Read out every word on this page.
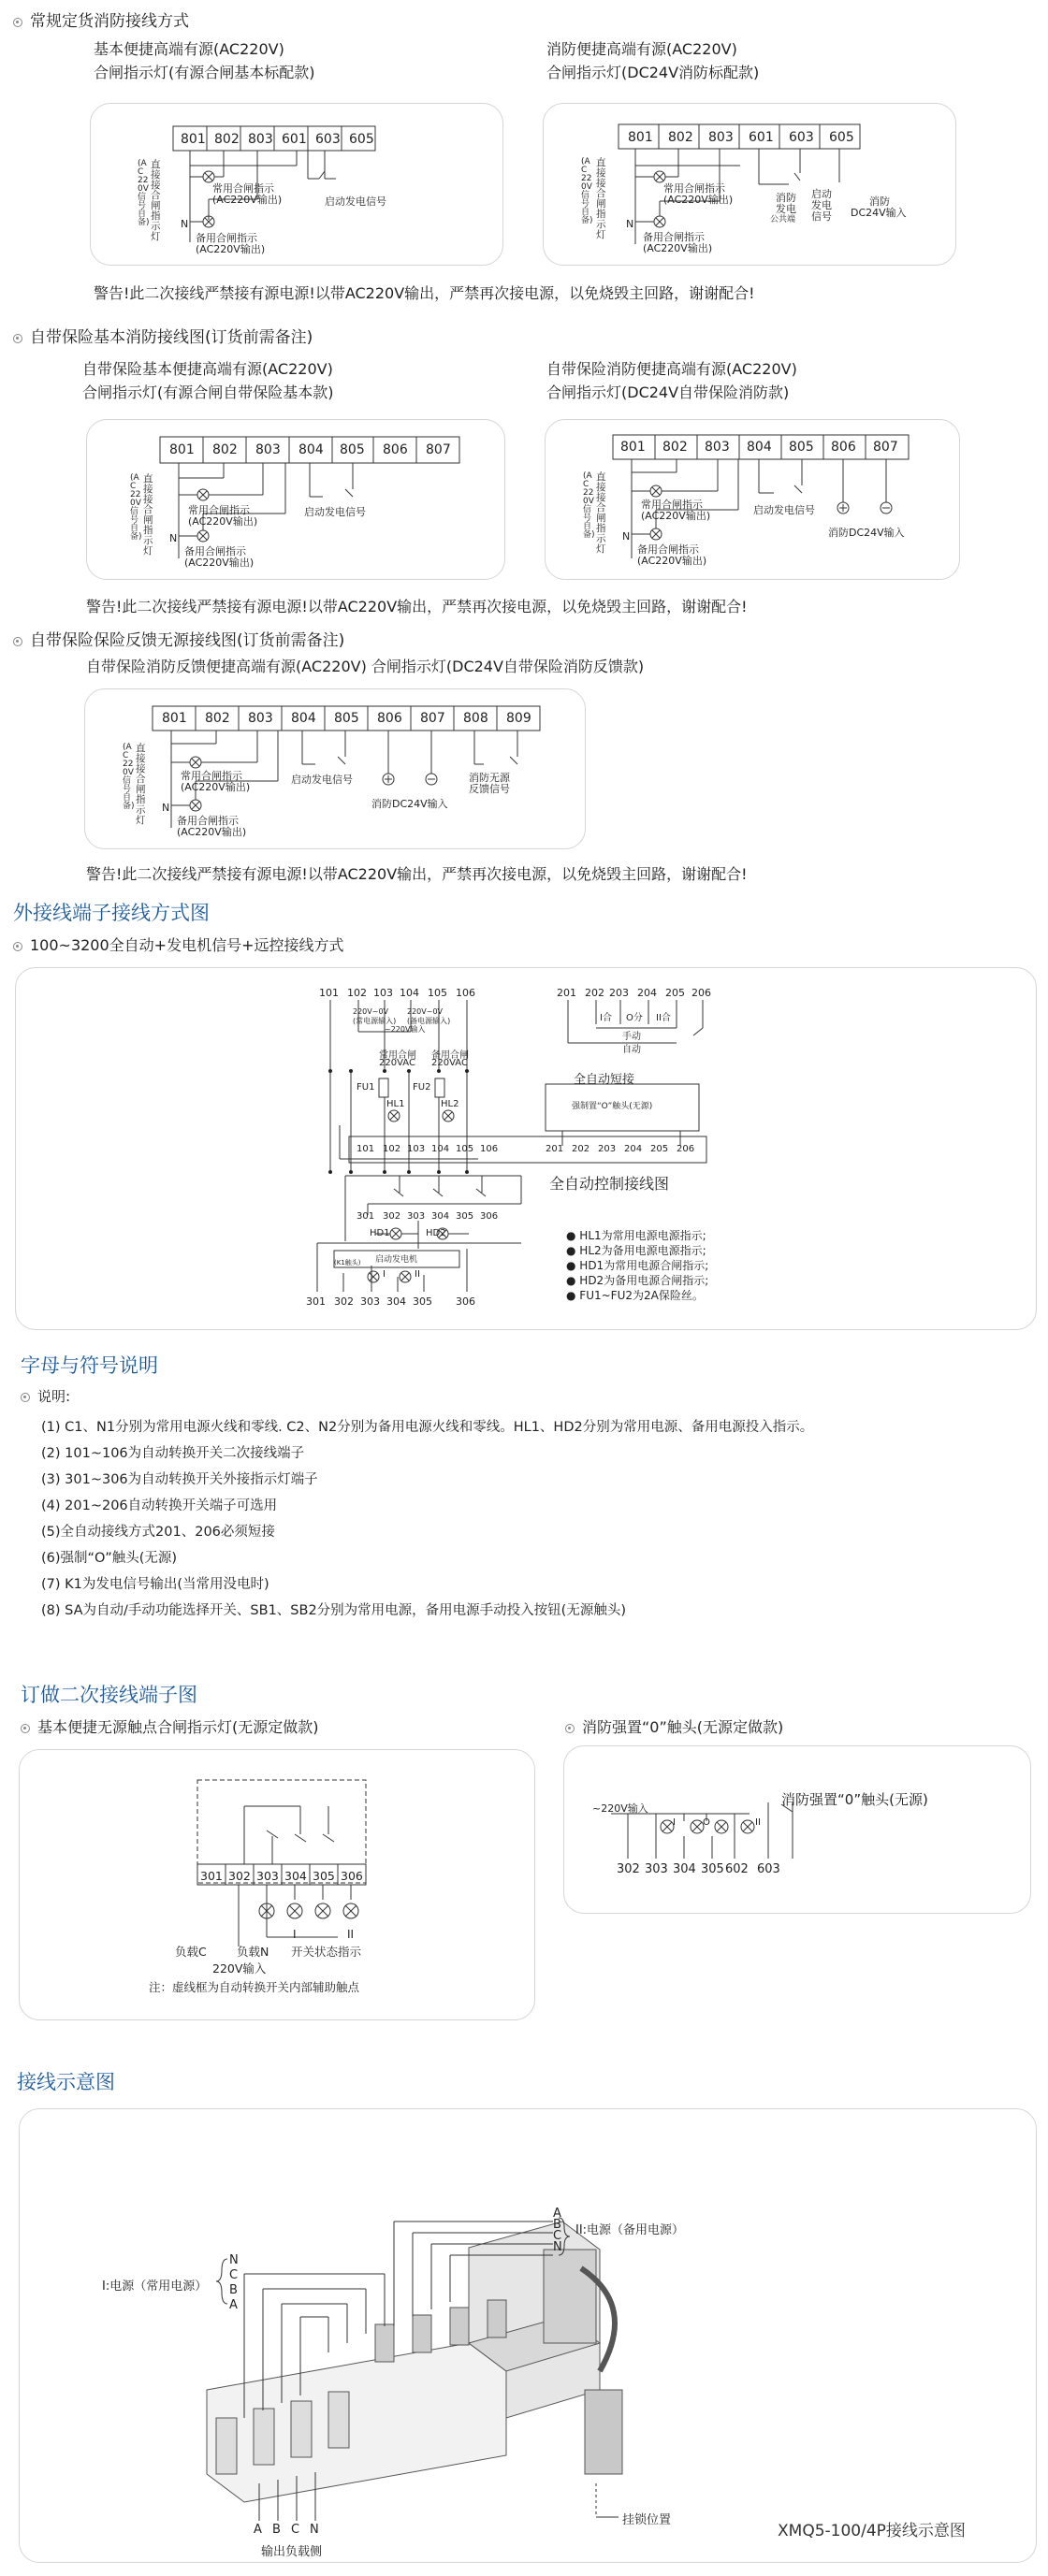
常规定货消防接线方式
基本便捷高端有源(AC220V)
合闸指示灯(有源合闸基本标配款)
消防便捷高端有源(AC220V)
合闸指示灯(DC24V消防标配款)
801 802 803 601 603 605
(AC220V信号自备)
直接接合闸指示灯
常用合闸指示
(AC220V输出)
N
备用合闸指示
(AC220V输出)
启动发电信号
801 802 803 601 603 605
(AC220V信号自备)
直接接合闸指示灯
常用合闸指示
(AC220V输出)
N
备用合闸指示
(AC220V输出)
消防
发电
公共端
启动
发电
信号
消防
DC24V输入
警告!此二次接线严禁接有源电源!以带AC220V输出，严禁再次接电源，以免烧毁主回路，谢谢配合!
自带保险基本消防接线图(订货前需备注)
自带保险基本便捷高端有源(AC220V)
合闸指示灯(有源合闸自带保险基本款)
自带保险消防便捷高端有源(AC220V)
合闸指示灯(DC24V自带保险消防款)
801 802 803 804 805 806 807
(AC220V信号自备)
直接接合闸指示灯
常用合闸指示
(AC220V输出)
N
备用合闸指示
(AC220V输出)
启动发电信号
801 802 803 804 805 806 807
(AC220V信号自备)
直接接合闸指示灯
常用合闸指示
(AC220V输出)
N
备用合闸指示
(AC220V输出)
启动发电信号
消防DC24V输入
警告!此二次接线严禁接有源电源!以带AC220V输出，严禁再次接电源，以免烧毁主回路，谢谢配合!
自带保险保险反馈无源接线图(订货前需备注)
自带保险消防反馈便捷高端有源(AC220V) 合闸指示灯(DC24V自带保险消防反馈款)
801 802 803 804 805 806 807 808 809
(AC220V信号自备)
直接接合闸指示灯
常用合闸指示
(AC220V输出)
N
备用合闸指示
(AC220V输出)
启动发电信号
消防DC24V输入
消防无源
反馈信号
警告!此二次接线严禁接有源电源!以带AC220V输出，严禁再次接电源，以免烧毁主回路，谢谢配合!
外接线端子接线方式图
100~3200全自动+发电机信号+远控接线方式
101 102 103 104 105 106
220V~0V
(常电源输入)
220V~0V
(备电源输入)
~220V输入
201 202 203 204 205 206
I合 O分 II合
手动
自动
常用合闸
220VAC
备用合闸
220VAC
FU1	FU2
HL1	HL2
全自动短接
强制置“O”触头(无源)
101 102 103 104 105 106	201 202 203 204 205 206
全自动控制接线图
301 302 303 304 305 306
HD1	HD2
启动发电机
(K1触头)
I	II
301 302 303 304 305 306
● HL1为常用电源电源指示;
● HL2为备用电源电源指示;
● HD1为常用电源合闸指示;
● HD2为备用电源合闸指示;
● FU1~FU2为2A保险丝。
字母与符号说明
说明:
(1) C1、N1分别为常用电源火线和零线. C2、N2分别为备用电源火线和零线。HL1、HD2分别为常用电源、备用电源投入指示。
(2) 101~106为自动转换开关二次接线端子
(3) 301~306为自动转换开关外接指示灯端子
(4) 201~206自动转换开关端子可选用
(5)全自动接线方式201、206必须短接
(6)强制“O”触头(无源)
(7) K1为发电信号输出(当常用没电时)
(8) SA为自动/手动功能选择开关、SB1、SB2分别为常用电源，备用电源手动投入按钮(无源触头)
订做二次接线端子图
基本便捷无源触点合闸指示灯(无源定做款)	消防强置“0”触头(无源定做款)
301 302 303 304 305 306
负载C	负载N
I
开关状态指示
II
220V输入
注：虚线框为自动转换开关内部辅助触点
~220V输入
消防强置“0”触头(无源)
I	O	II
302 303 304 305 602 603
接线示意图
A
B
C
N
II:电源（备用电源）
N
C
B
A
I:电源（常用电源）
A B C N
输出负载侧
挂锁位置
XMQ5-100/4P接线示意图
